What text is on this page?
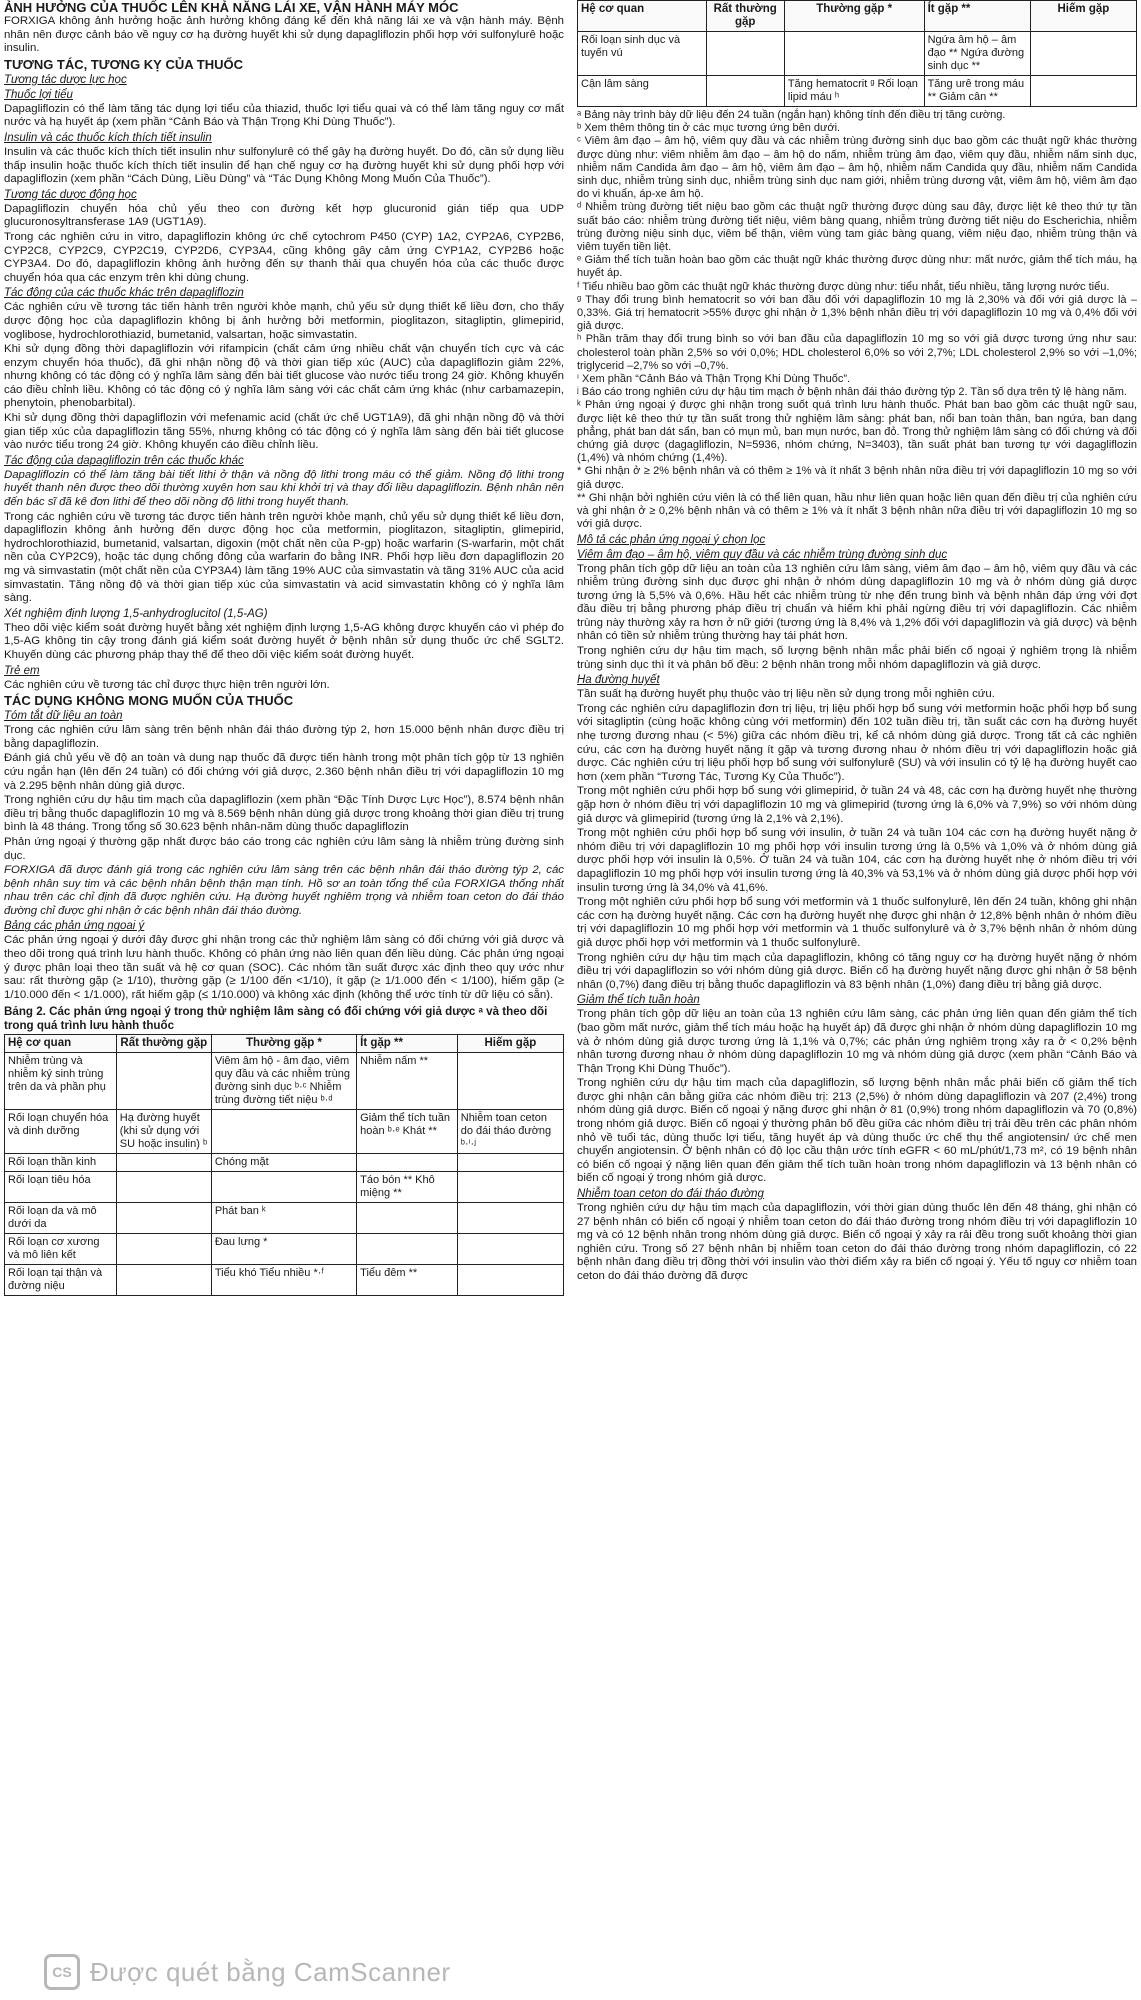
ẢNH HƯỞNG CỦA THUỐC LÊN KHẢ NĂNG LÁI XE, VẬN HÀNH MÁY MÓC

FORXIGA không ảnh hưởng hoặc ảnh hưởng không đáng kể đến khả năng lái xe và vận hành máy. Bệnh nhân nên được cảnh báo về nguy cơ hạ đường huyết khi sử dụng dapagliflozin phối hợp với sulfonylurê hoặc insulin.

TƯƠNG TÁC, TƯƠNG KỴ CỦA THUỐC
Tương tác dược lực học
Thuốc lợi tiểu

Dapagliflozin có thể làm tăng tác dụng lợi tiểu của thiazid, thuốc lợi tiểu quai và có thể làm tăng nguy cơ mất nước và hạ huyết áp (xem phần “Cảnh Báo và Thận Trọng Khi Dùng Thuốc”).

Insulin và các thuốc kích thích tiết insulin

Insulin và các thuốc kích thích tiết insulin như sulfonylurê có thể gây hạ đường huyết. Do đó, cần sử dụng liều thấp insulin hoặc thuốc kích thích tiết insulin để hạn chế nguy cơ hạ đường huyết khi sử dụng phối hợp với dapagliflozin (xem phần “Cách Dùng, Liều Dùng” và “Tác Dụng Không Mong Muốn Của Thuốc”).

Tương tác dược động học

Dapagliflozin chuyển hóa chủ yếu theo con đường kết hợp glucuronid gián tiếp qua UDP glucuronosyltransferase 1A9 (UGT1A9).

Trong các nghiên cứu in vitro, dapagliflozin không ức chế cytochrom P450 (CYP) 1A2, CYP2A6, CYP2B6, CYP2C8, CYP2C9, CYP2C19, CYP2D6, CYP3A4, cũng không gây cảm ứng CYP1A2, CYP2B6 hoặc CYP3A4. Do đó, dapagliflozin không ảnh hưởng đến sự thanh thải qua chuyển hóa của các thuốc được chuyển hóa qua các enzym trên khi dùng chung.

Tác động của các thuốc khác trên dapagliflozin

Các nghiên cứu về tương tác tiến hành trên người khỏe mạnh, chủ yếu sử dụng thiết kế liều đơn, cho thấy dược động học của dapagliflozin không bị ảnh hưởng bởi metformin, pioglitazon, sitagliptin, glimepirid, voglibose, hydrochlorothiazid, bumetanid, valsartan, hoặc simvastatin.

Khi sử dụng đồng thời dapagliflozin với rifampicin (chất cảm ứng nhiều chất vận chuyển tích cực và các enzym chuyển hóa thuốc), đã ghi nhận nồng độ và thời gian tiếp xúc (AUC) của dapagliflozin giảm 22%, nhưng không có tác động có ý nghĩa lâm sàng đến bài tiết glucose vào nước tiểu trong 24 giờ. Không khuyến cáo điều chỉnh liều. Không có tác động có ý nghĩa lâm sàng với các chất cảm ứng khác (như carbamazepin, phenytoin, phenobarbital).

Khi sử dụng đồng thời dapagliflozin với mefenamic acid (chất ức chế UGT1A9), đã ghi nhận nồng độ và thời gian tiếp xúc của dapagliflozin tăng 55%, nhưng không có tác động có ý nghĩa lâm sàng đến bài tiết glucose vào nước tiểu trong 24 giờ. Không khuyến cáo điều chỉnh liều.

Tác động của dapagliflozin trên các thuốc khác

Dapagliflozin có thể làm tăng bài tiết lithi ở thận và nồng độ lithi trong máu có thể giảm. Nồng độ lithi trong huyết thanh nên được theo dõi thường xuyên hơn sau khi khởi trị và thay đổi liều dapagliflozin. Bệnh nhân nên đến bác sĩ đã kê đơn lithi để theo dõi nồng độ lithi trong huyết thanh.

Trong các nghiên cứu về tương tác được tiến hành trên người khỏe mạnh, chủ yếu sử dụng thiết kế liều đơn, dapagliflozin không ảnh hưởng đến dược động học của metformin, pioglitazon, sitagliptin, glimepirid, hydrochlorothiazid, bumetanid, valsartan, digoxin (một chất nền của P-gp) hoặc warfarin (S-warfarin, một chất nền của CYP2C9), hoặc tác dụng chống đông của warfarin đo bằng INR. Phối hợp liều đơn dapagliflozin 20 mg và simvastatin (một chất nền của CYP3A4) làm tăng 19% AUC của simvastatin và tăng 31% AUC của acid simvastatin. Tăng nồng độ và thời gian tiếp xúc của simvastatin và acid simvastatin không có ý nghĩa lâm sàng.

Xét nghiệm định lượng 1,5-anhydroglucitol (1,5-AG)

Theo dõi việc kiểm soát đường huyết bằng xét nghiệm định lượng 1,5-AG không được khuyến cáo vì phép đo 1,5-AG không tin cậy trong đánh giá kiểm soát đường huyết ở bệnh nhân sử dụng thuốc ức chế SGLT2. Khuyến dùng các phương pháp thay thế để theo dõi việc kiểm soát đường huyết.

Trẻ em

Các nghiên cứu về tương tác chỉ được thực hiện trên người lớn.

TÁC DỤNG KHÔNG MONG MUỐN CỦA THUỐC
Tóm tắt dữ liệu an toàn

Trong các nghiên cứu lâm sàng trên bệnh nhân đái tháo đường týp 2, hơn 15.000 bệnh nhân được điều trị bằng dapagliflozin.

Đánh giá chủ yếu về độ an toàn và dung nạp thuốc đã được tiến hành trong một phân tích gộp từ 13 nghiên cứu ngắn hạn (lên đến 24 tuần) có đối chứng với giả dược, 2.360 bệnh nhân điều trị với dapagliflozin 10 mg và 2.295 bệnh nhân dùng giả dược.

Trong nghiên cứu dự hậu tim mạch của dapagliflozin (xem phần “Đặc Tính Dược Lực Học”), 8.574 bệnh nhân điều trị bằng thuốc dapagliflozin 10 mg và 8.569 bệnh nhân dùng giả dược trong khoảng thời gian điều trị trung bình là 48 tháng. Trong tổng số 30.623 bệnh nhân-năm dùng thuốc dapagliflozin

Phản ứng ngoại ý thường gặp nhất được báo cáo trong các nghiên cứu lâm sàng là nhiễm trùng đường sinh dục.

FORXIGA đã được đánh giá trong các nghiên cứu lâm sàng trên các bệnh nhân đái tháo đường týp 2, các bệnh nhân suy tim và các bệnh nhân bệnh thận mạn tính. Hồ sơ an toàn tổng thể của FORXIGA thống nhất nhau trên các chỉ định đã được nghiên cứu. Hạ đường huyết nghiêm trọng và nhiễm toan ceton do đái tháo đường chỉ được ghi nhận ở các bệnh nhân đái tháo đường.

Bảng các phản ứng ngoại ý

Các phản ứng ngoại ý dưới đây được ghi nhận trong các thử nghiệm lâm sàng có đối chứng với giả dược và theo dõi trong quá trình lưu hành thuốc. Không có phản ứng nào liên quan đến liều dùng. Các phản ứng ngoại ý được phân loại theo tần suất và hệ cơ quan (SOC). Các nhóm tần suất được xác định theo quy ước như sau: rất thường gặp (≥ 1/10), thường gặp (≥ 1/100 đến <1/10), ít gặp (≥ 1/1.000 đến < 1/100), hiếm gặp (≥ 1/10.000 đến < 1/1.000), rất hiếm gặp (≤ 1/10.000) và không xác định (không thể ước tính từ dữ liệu có sẵn).

Bảng 2. Các phản ứng ngoại ý trong thử nghiệm lâm sàng có đối chứng với giả dược ᵃ và theo dõi trong quá trình lưu hành thuốc
Hệ cơ quan	Rất thường gặp	Thường gặp *	Ít gặp **	Hiếm gặp
Nhiễm trùng và nhiễm ký sinh trùng trên da và phần phụ		Viêm âm hộ - âm đạo, viêm quy đầu và các nhiễm trùng đường sinh dục ᵇ·ᶜ Nhiễm trùng đường tiết niệu ᵇ·ᵈ	Nhiễm nấm **	
Rối loạn chuyển hóa và dinh dưỡng	Hạ đường huyết (khi sử dụng với SU hoặc insulin) ᵇ		Giảm thể tích tuần hoàn ᵇ·ᵉ Khát **	Nhiễm toan ceton do đái tháo đường ᵇ·ⁱ·ʲ
Rối loạn thần kinh		Chóng mặt		
Rối loạn tiêu hóa			Táo bón ** Khô miệng **	
Rối loạn da và mô dưới da		Phát ban ᵏ		
Rối loạn cơ xương và mô liên kết		Đau lưng *		
Rối loạn tại thận và đường niệu		Tiểu khó Tiểu nhiều *·ᶠ	Tiểu đêm **	
Hệ cơ quan	Rất thường gặp	Thường gặp *	Ít gặp **	Hiếm gặp
Rối loạn sinh dục và tuyến vú			Ngứa âm hộ – âm đạo ** Ngứa đường sinh dục **	
Cận lâm sàng		Tăng hematocrit ᵍ Rối loạn lipid máu ʰ	Tăng urê trong máu ** Giảm cân **	

ᵃ Bảng này trình bày dữ liệu đến 24 tuần (ngắn hạn) không tính đến điều trị tăng cường.

ᵇ Xem thêm thông tin ở các mục tương ứng bên dưới.

ᶜ Viêm âm đạo – âm hộ, viêm quy đầu và các nhiễm trùng đường sinh dục bao gồm các thuật ngữ khác thường được dùng như: viêm nhiễm âm đạo – âm hộ do nấm, nhiễm trùng âm đạo, viêm quy đầu, nhiễm nấm sinh dục, nhiễm nấm Candida âm đạo – âm hộ, viêm âm đạo – âm hộ, nhiễm nấm Candida quy đầu, nhiễm nấm Candida sinh dục, nhiễm trùng sinh dục, nhiễm trùng sinh dục nam giới, nhiễm trùng dương vật, viêm âm hộ, viêm âm đạo do vi khuẩn, áp-xe âm hộ.

ᵈ Nhiễm trùng đường tiết niệu bao gồm các thuật ngữ thường được dùng sau đây, được liệt kê theo thứ tự tần suất báo cáo: nhiễm trùng đường tiết niệu, viêm bàng quang, nhiễm trùng đường tiết niệu do Escherichia, nhiễm trùng đường niệu sinh dục, viêm bể thận, viêm vùng tam giác bàng quang, viêm niệu đạo, nhiễm trùng thận và viêm tuyến tiền liệt.

ᵉ Giảm thể tích tuần hoàn bao gồm các thuật ngữ khác thường được dùng như: mất nước, giảm thể tích máu, hạ huyết áp.

ᶠ Tiểu nhiều bao gồm các thuật ngữ khác thường được dùng như: tiểu nhắt, tiểu nhiều, tăng lượng nước tiểu.

ᵍ Thay đổi trung bình hematocrit so với ban đầu đối với dapagliflozin 10 mg là 2,30% và đối với giả dược là –0,33%. Giá trị hematocrit >55% được ghi nhận ở 1,3% bệnh nhân điều trị với dapagliflozin 10 mg và 0,4% đối với giả dược.

ʰ Phần trăm thay đổi trung bình so với ban đầu của dapagliflozin 10 mg so với giả dược tương ứng như sau: cholesterol toàn phần 2,5% so với 0,0%; HDL cholesterol 6,0% so với 2,7%; LDL cholesterol 2,9% so với –1,0%; triglycerid –2,7% so với –0,7%.

ⁱ Xem phần “Cảnh Báo và Thận Trọng Khi Dùng Thuốc”.

ʲ Báo cáo trong nghiên cứu dự hậu tim mạch ở bệnh nhân đái tháo đường týp 2. Tần số dựa trên tỷ lệ hàng năm.

ᵏ Phản ứng ngoại ý được ghi nhận trong suốt quá trình lưu hành thuốc. Phát ban bao gồm các thuật ngữ sau, được liệt kê theo thứ tự tần suất trong thử nghiệm lâm sàng: phát ban, nổi ban toàn thân, ban ngứa, ban dạng phẳng, phát ban dát sẩn, ban có mụn mủ, ban mụn nước, ban đỏ. Trong thử nghiệm lâm sàng có đối chứng và đối chứng giả dược (dagagliflozin, N=5936, nhóm chứng, N=3403), tần suất phát ban tương tự với dagagliflozin (1,4%) và nhóm chứng (1,4%).

* Ghi nhận ở ≥ 2% bệnh nhân và có thêm ≥ 1% và ít nhất 3 bệnh nhân nữa điều trị với dapagliflozin 10 mg so với giả dược.

** Ghi nhận bởi nghiên cứu viên là có thể liên quan, hầu như liên quan hoặc liên quan đến điều trị của nghiên cứu và ghi nhận ở ≥ 0,2% bệnh nhân và có thêm ≥ 1% và ít nhất 3 bệnh nhân nữa điều trị với dapagliflozin 10 mg so với giả dược.

Mô tả các phản ứng ngoại ý chọn lọc
Viêm âm đạo – âm hộ, viêm quy đầu và các nhiễm trùng đường sinh dục

Trong phân tích gộp dữ liệu an toàn của 13 nghiên cứu lâm sàng, viêm âm đạo – âm hộ, viêm quy đầu và các nhiễm trùng đường sinh dục được ghi nhận ở nhóm dùng dapagliflozin 10 mg và ở nhóm dùng giả dược tương ứng là 5,5% và 0,6%. Hầu hết các nhiễm trùng từ nhẹ đến trung bình và bệnh nhân đáp ứng với đợt đầu điều trị bằng phương pháp điều trị chuẩn và hiếm khi phải ngừng điều trị với dapagliflozin. Các nhiễm trùng này thường xảy ra hơn ở nữ giới (tương ứng là 8,4% và 1,2% đối với dapagliflozin và giả dược) và bệnh nhân có tiền sử nhiễm trùng thường hay tái phát hơn.

Trong nghiên cứu dự hậu tim mạch, số lượng bệnh nhân mắc phải biến cố ngoại ý nghiêm trọng là nhiễm trùng sinh dục thì ít và phân bố đều: 2 bệnh nhân trong mỗi nhóm dapagliflozin và giả dược.

Hạ đường huyết

Tần suất hạ đường huyết phụ thuộc vào trị liệu nền sử dụng trong mỗi nghiên cứu.

Trong các nghiên cứu dapagliflozin đơn trị liệu, trị liệu phối hợp bổ sung với metformin hoặc phối hợp bổ sung với sitagliptin (cùng hoặc không cùng với metformin) đến 102 tuần điều trị, tần suất các cơn hạ đường huyết nhẹ tương đương nhau (< 5%) giữa các nhóm điều trị, kể cả nhóm dùng giả dược. Trong tất cả các nghiên cứu, các cơn hạ đường huyết nặng ít gặp và tương đương nhau ở nhóm điều trị với dapagliflozin hoặc giả dược. Các nghiên cứu trị liệu phối hợp bổ sung với sulfonylurê (SU) và với insulin có tỷ lệ hạ đường huyết cao hơn (xem phần “Tương Tác, Tương Kỵ Của Thuốc”).

Trong một nghiên cứu phối hợp bổ sung với glimepirid, ở tuần 24 và 48, các cơn hạ đường huyết nhẹ thường gặp hơn ở nhóm điều trị với dapagliflozin 10 mg và glimepirid (tương ứng là 6,0% và 7,9%) so với nhóm dùng giả dược và glimepirid (tương ứng là 2,1% và 2,1%).

Trong một nghiên cứu phối hợp bổ sung với insulin, ở tuần 24 và tuần 104 các cơn hạ đường huyết nặng ở nhóm điều trị với dapagliflozin 10 mg phối hợp với insulin tương ứng là 0,5% và 1,0% và ở nhóm dùng giả dược phối hợp với insulin là 0,5%. Ở tuần 24 và tuần 104, các cơn hạ đường huyết nhẹ ở nhóm điều trị với dapagliflozin 10 mg phối hợp với insulin tương ứng là 40,3% và 53,1% và ở nhóm dùng giả dược phối hợp với insulin tương ứng là 34,0% và 41,6%.

Trong một nghiên cứu phối hợp bổ sung với metformin và 1 thuốc sulfonylurê, lên đến 24 tuần, không ghi nhận các cơn hạ đường huyết nặng. Các cơn hạ đường huyết nhẹ được ghi nhận ở 12,8% bệnh nhân ở nhóm điều trị với dapagliflozin 10 mg phối hợp với metformin và 1 thuốc sulfonylurê và ở 3,7% bệnh nhân ở nhóm dùng giả dược phối hợp với metformin và 1 thuốc sulfonylurê.

Trong nghiên cứu dự hậu tim mạch của dapagliflozin, không có tăng nguy cơ hạ đường huyết nặng ở nhóm điều trị với dapagliflozin so với nhóm dùng giả dược. Biến cố hạ đường huyết nặng được ghi nhận ở 58 bệnh nhân (0,7%) đang điều trị bằng thuốc dapagliflozin và 83 bệnh nhân (1,0%) đang điều trị bằng giả dược.

Giảm thể tích tuần hoàn

Trong phân tích gộp dữ liệu an toàn của 13 nghiên cứu lâm sàng, các phản ứng liên quan đến giảm thể tích (bao gồm mất nước, giảm thể tích máu hoặc hạ huyết áp) đã được ghi nhận ở nhóm dùng dapagliflozin 10 mg và ở nhóm dùng giả dược tương ứng là 1,1% và 0,7%; các phản ứng nghiêm trọng xảy ra ở < 0,2% bệnh nhân tương đương nhau ở nhóm dùng dapagliflozin 10 mg và nhóm dùng giả dược (xem phần “Cảnh Báo và Thận Trọng Khi Dùng Thuốc”).

Trong nghiên cứu dự hậu tim mạch của dapagliflozin, số lượng bệnh nhân mắc phải biến cố giảm thể tích được ghi nhận cân bằng giữa các nhóm điều trị: 213 (2,5%) ở nhóm dùng dapagliflozin và 207 (2,4%) trong nhóm dùng giả dược. Biến cố ngoại ý nặng được ghi nhận ở 81 (0,9%) trong nhóm dapagliflozin và 70 (0,8%) trong nhóm giả dược. Biến cố ngoại ý thường phân bố đều giữa các nhóm điều trị trải đều trên các phân nhóm nhỏ về tuổi tác, dùng thuốc lợi tiểu, tăng huyết áp và dùng thuốc ức chế thụ thể angiotensin/ ức chế men chuyển angiotensin. Ở bệnh nhân có độ lọc cầu thận ước tính eGFR < 60 mL/phút/1,73 m², có 19 bệnh nhân có biến cố ngoại ý nặng liên quan đến giảm thể tích tuần hoàn trong nhóm dapagliflozin và 13 bệnh nhân có biến cố ngoại ý trong nhóm giả dược.

Nhiễm toan ceton do đái tháo đường

Trong nghiên cứu dự hậu tim mạch của dapagliflozin, với thời gian dùng thuốc lên đến 48 tháng, ghi nhận có 27 bệnh nhân có biến cố ngoại ý nhiễm toan ceton do đái tháo đường trong nhóm điều trị với dapagliflozin 10 mg và có 12 bệnh nhân trong nhóm dùng giả dược. Biến cố ngoại ý xảy ra rải đều trong suốt khoảng thời gian nghiên cứu. Trong số 27 bệnh nhân bị nhiễm toan ceton do đái tháo đường trong nhóm dapagliflozin, có 22 bệnh nhân đang điều trị đồng thời với insulin vào thời điểm xảy ra biến cố ngoại ý. Yếu tố nguy cơ nhiễm toan ceton do đái tháo đường đã được

CS Được quét bằng CamScanner
